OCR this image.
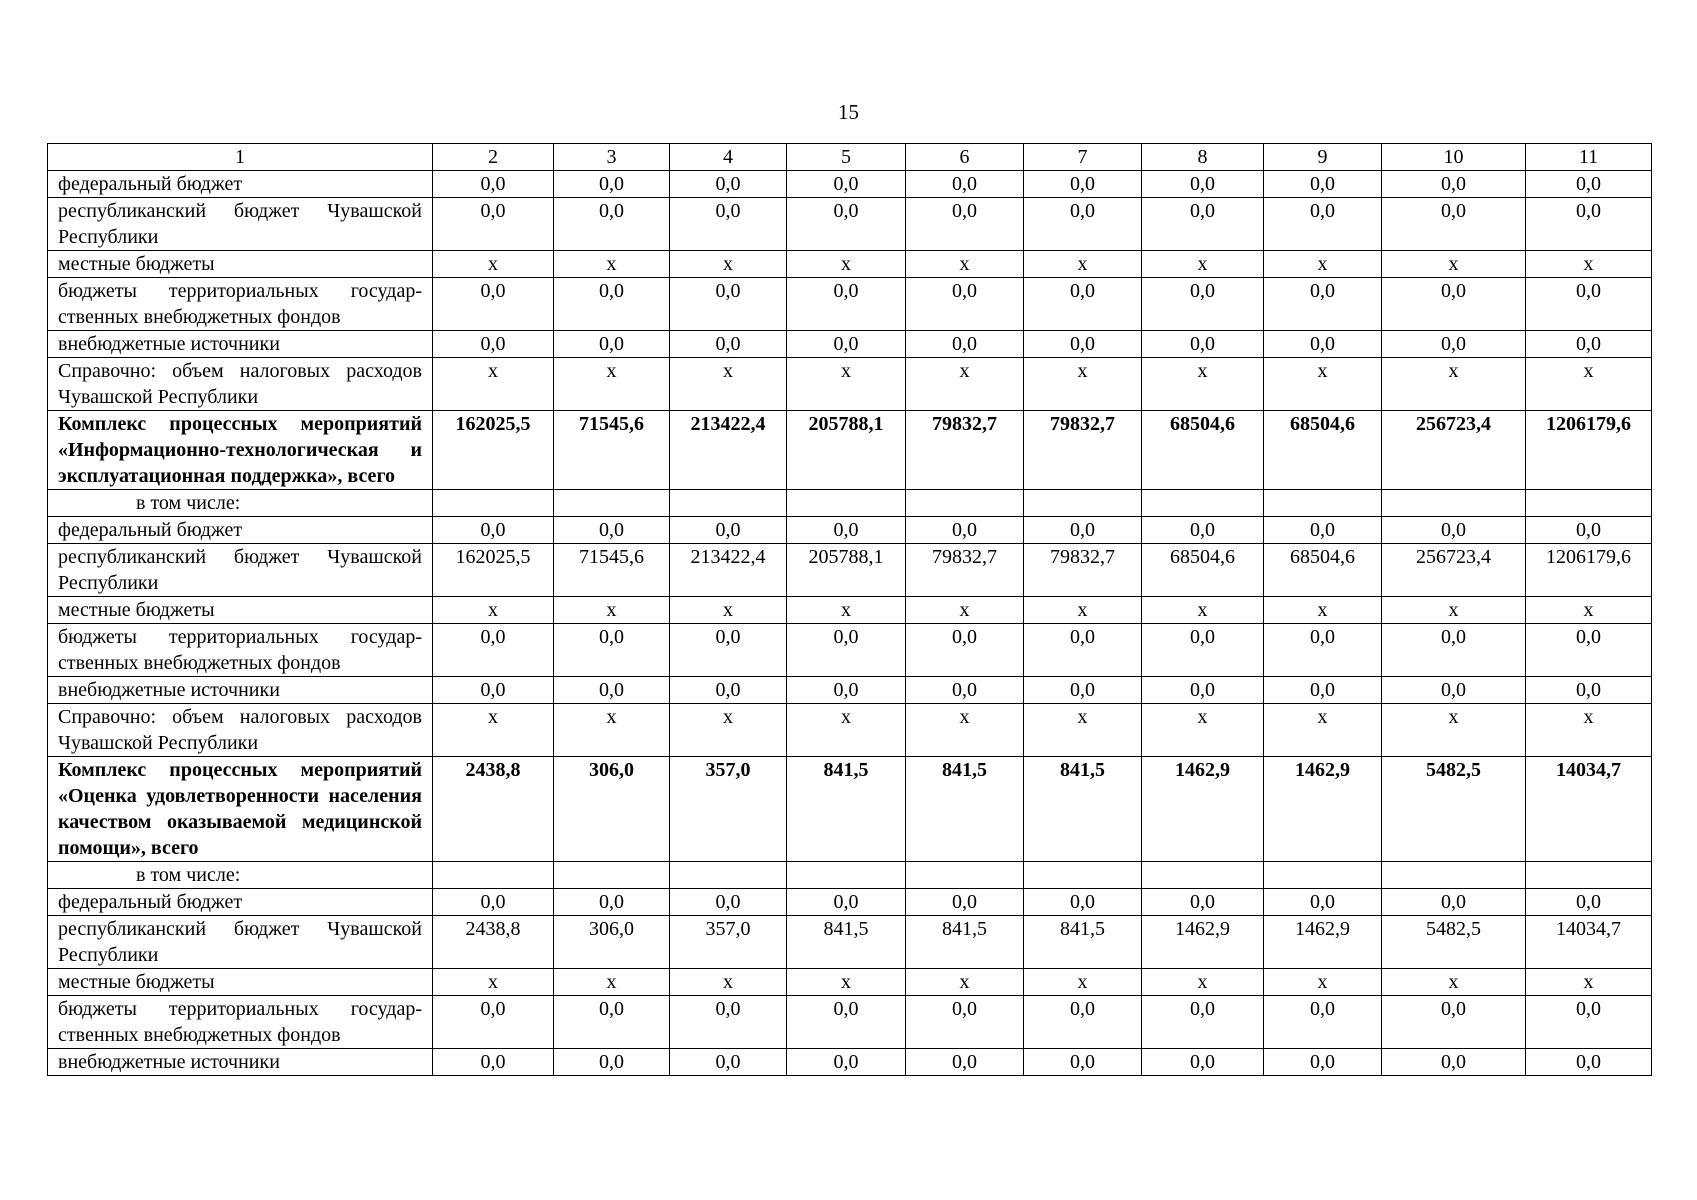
15
1	2	3	4	5	6	7	8	9	10	11
федеральный бюджет	0,0	0,0	0,0	0,0	0,0	0,0	0,0	0,0	0,0	0,0
республиканский бюджет Чувашской Республики	0,0	0,0	0,0	0,0	0,0	0,0	0,0	0,0	0,0	0,0
местные бюджеты	x	x	x	x	x	x	x	x	x	x
бюджеты территориальных государственных внебюджетных фондов	0,0	0,0	0,0	0,0	0,0	0,0	0,0	0,0	0,0	0,0
внебюджетные источники	0,0	0,0	0,0	0,0	0,0	0,0	0,0	0,0	0,0	0,0
Справочно: объем налоговых расходов Чувашской Республики	x	x	x	x	x	x	x	x	x	x
Комплекс процессных мероприятий «Информационно-технологическая и эксплуатационная поддержка», всего	162025,5	71545,6	213422,4	205788,1	79832,7	79832,7	68504,6	68504,6	256723,4	1206179,6
в том числе:										
федеральный бюджет	0,0	0,0	0,0	0,0	0,0	0,0	0,0	0,0	0,0	0,0
республиканский бюджет Чувашской Республики	162025,5	71545,6	213422,4	205788,1	79832,7	79832,7	68504,6	68504,6	256723,4	1206179,6
местные бюджеты	x	x	x	x	x	x	x	x	x	x
бюджеты территориальных государственных внебюджетных фондов	0,0	0,0	0,0	0,0	0,0	0,0	0,0	0,0	0,0	0,0
внебюджетные источники	0,0	0,0	0,0	0,0	0,0	0,0	0,0	0,0	0,0	0,0
Справочно: объем налоговых расходов Чувашской Республики	x	x	x	x	x	x	x	x	x	x
Комплекс процессных мероприятий «Оценка удовлетворенности населения качеством оказываемой медицинской помощи», всего	2438,8	306,0	357,0	841,5	841,5	841,5	1462,9	1462,9	5482,5	14034,7
в том числе:										
федеральный бюджет	0,0	0,0	0,0	0,0	0,0	0,0	0,0	0,0	0,0	0,0
республиканский бюджет Чувашской Республики	2438,8	306,0	357,0	841,5	841,5	841,5	1462,9	1462,9	5482,5	14034,7
местные бюджеты	x	x	x	x	x	x	x	x	x	x
бюджеты территориальных государственных внебюджетных фондов	0,0	0,0	0,0	0,0	0,0	0,0	0,0	0,0	0,0	0,0
внебюджетные источники	0,0	0,0	0,0	0,0	0,0	0,0	0,0	0,0	0,0	0,0
